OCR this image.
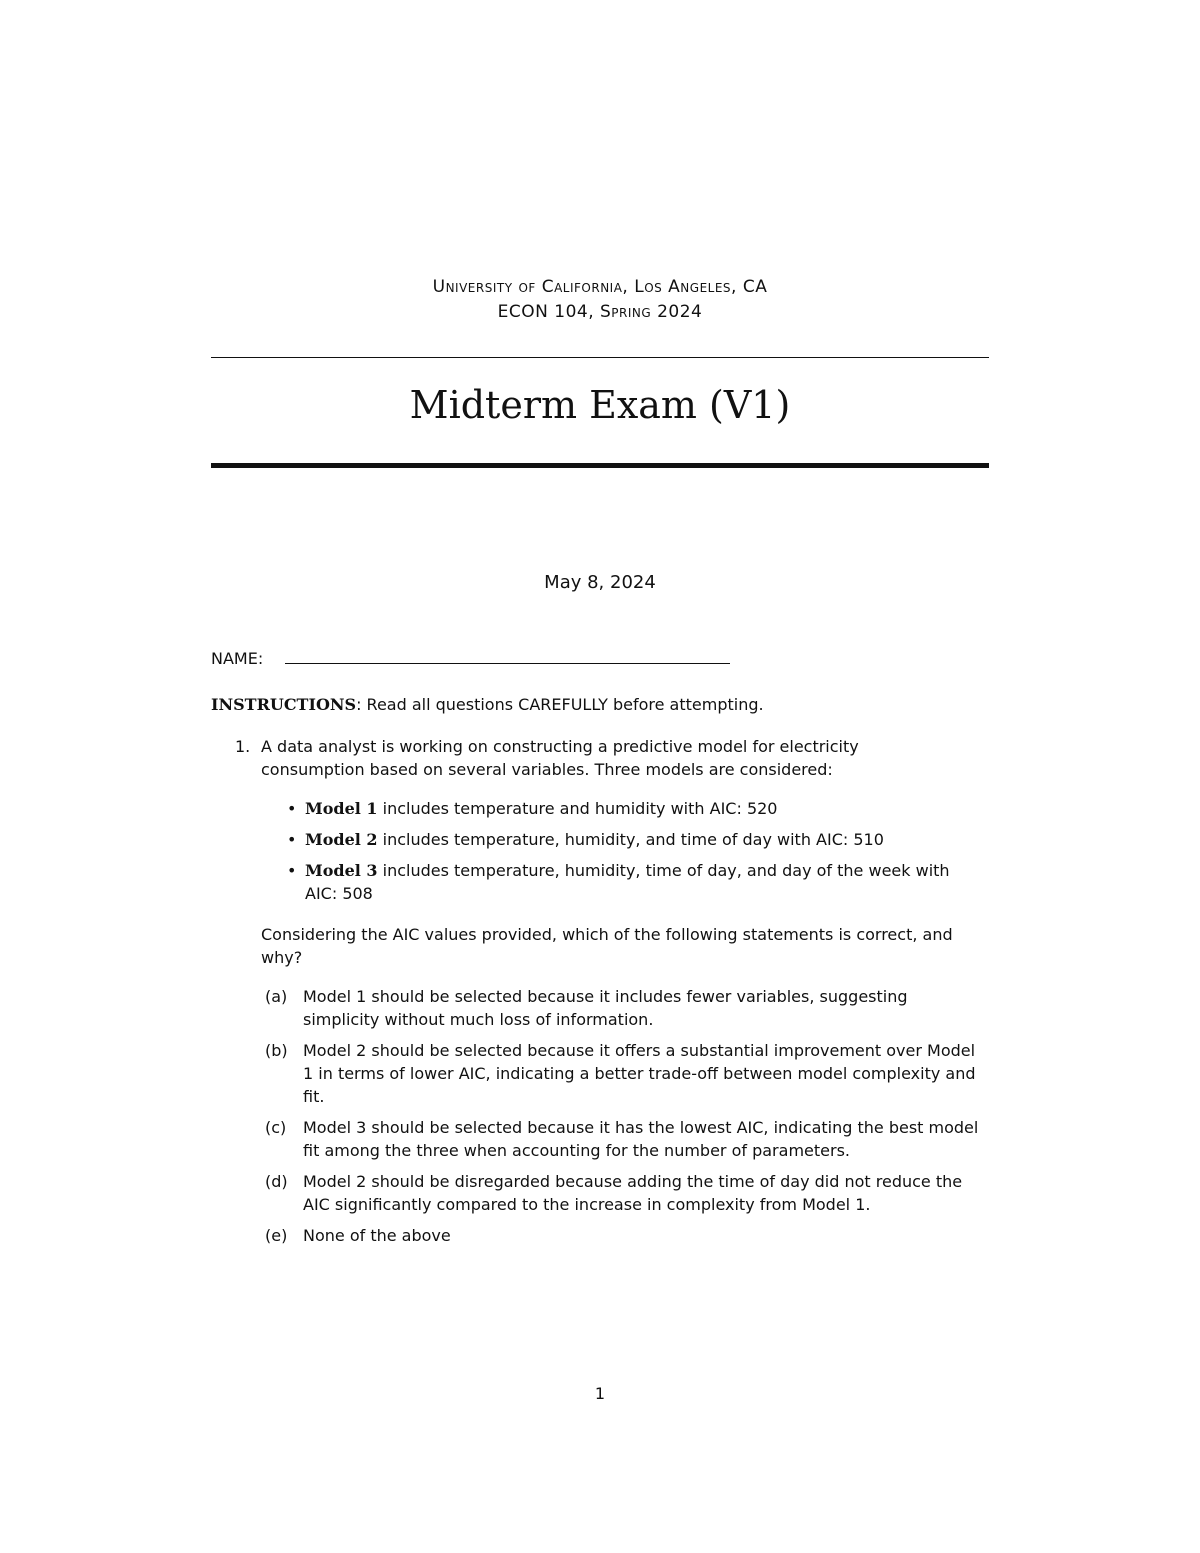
University of California, Los Angeles, CA
ECON 104, Spring 2024
Midterm Exam (V1)
May 8, 2024
NAME:
INSTRUCTIONS: Read all questions CAREFULLY before attempting.
1. A data analyst is working on constructing a predictive model for electricity consumption based on several variables. Three models are considered:
• Model 1 includes temperature and humidity with AIC: 520
• Model 2 includes temperature, humidity, and time of day with AIC: 510
• Model 3 includes temperature, humidity, time of day, and day of the week with AIC: 508
Considering the AIC values provided, which of the following statements is correct, and why?
(a) Model 1 should be selected because it includes fewer variables, suggesting simplicity without much loss of information.
(b) Model 2 should be selected because it offers a substantial improvement over Model 1 in terms of lower AIC, indicating a better trade-off between model complexity and fit.
(c) Model 3 should be selected because it has the lowest AIC, indicating the best model fit among the three when accounting for the number of parameters.
(d) Model 2 should be disregarded because adding the time of day did not reduce the AIC significantly compared to the increase in complexity from Model 1.
(e) None of the above
1
